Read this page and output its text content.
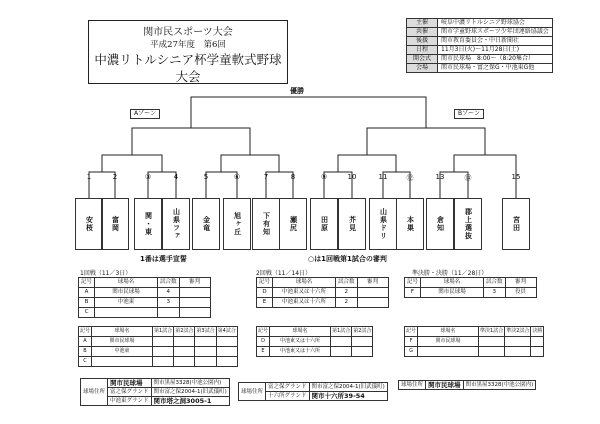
関市民スポーツ大会
平成27年度　第6回
中濃リトルシニア杯学童軟式野球大会
主催	岐阜中濃リトルシニア野球協会
共催	関市学童野球スポーツ少年団連絡協議会
後援	関市教育委員会・中日新聞社
日程	11月3日(火)～11月28日(土)
開会式	関市民球場　8:00～（8:20集合）
会場	関市民球場・富之保G・中池東G他
優勝
Aゾーン	Bゾーン
1	2	③	4	5	⑥	7	8	⑨	10	11	⑫	13	⑭	15
安桜	富岡	関・東	山県ファ	金竜	旭ヶ丘	下有知	瀬尻	田原	芥見	山県ドリ	本巣	倉知	郡上選抜	宮田
1番は選手宣誓	○は1回戦第1試合の審判
1回戦（11／3日）
記号	球場名	試合数	審判
A	関市民球場	4	
B	中池東	3	
C			
記号	球場名	第1試合	第2試合	第3試合	第4試合
A	関市民球場				
B	中池東				
C					
2回戦（11／14日）
記号	球場名	試合数	審判
D	中池東又は十六所	2	
E	中池東又は十六所	2	
記号	球場名	第1試合	第2試合
D	中池東又は十六所		
E	中池東又は十六所		
準決勝・決勝（11／28日）
記号	球場名	試合数	審判
F	関市民球場	3	役員
記号	球場名	準決1試合	準決2試合	決勝
F	関市民球場			
G				
球場住所	関市民球場	関市黒屋3328(中池公園内)
	富之保グランド	関市富之保2004-1(旧武儀町)
	中池東グランド	関市塔之洞3005-1
球場住所	富之保グランド	関市富之保2004-1(旧武儀町)
	十六所グランド	関市十六所39-54
球場住所	関市民球場	関市黒屋3328(中池公園内)
